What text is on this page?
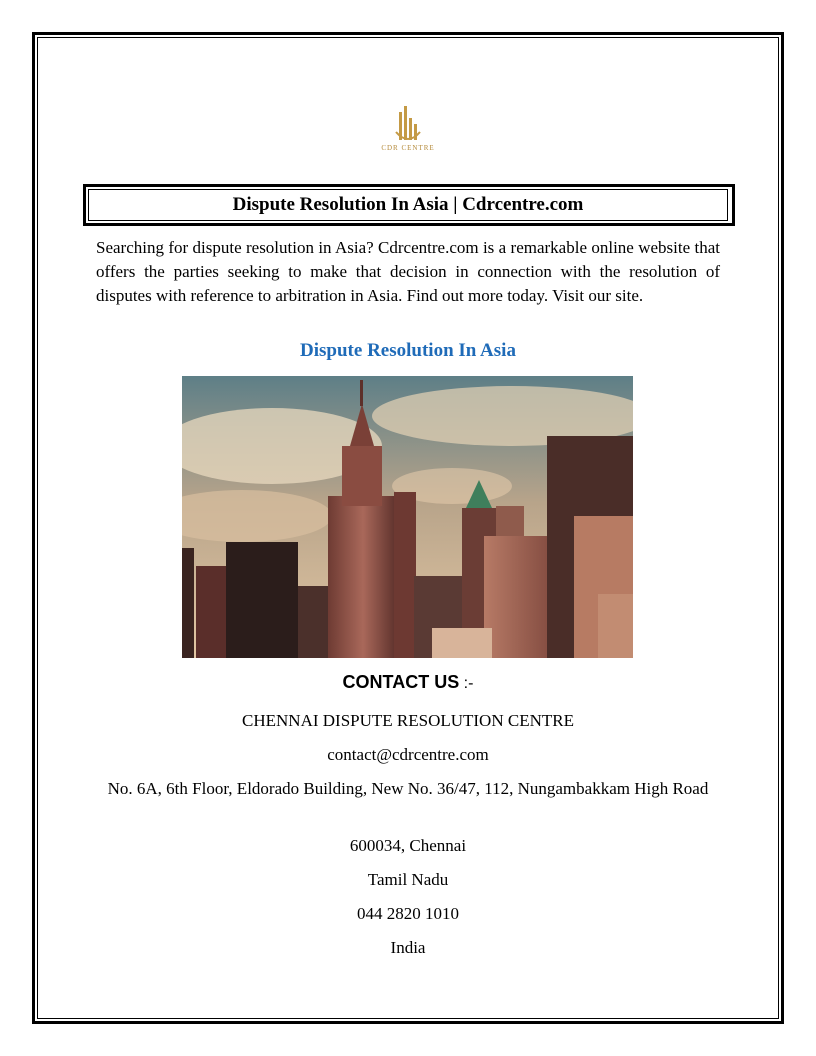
CDR CENTRE
Dispute Resolution In Asia | Cdrcentre.com

Searching for dispute resolution in Asia? Cdrcentre.com is a remarkable online website that offers the parties seeking to make that decision in connection with the resolution of disputes with reference to arbitration in Asia. Find out more today. Visit our site.

Dispute Resolution In Asia

CONTACT US :-

CHENNAI DISPUTE RESOLUTION CENTRE

contact@cdrcentre.com

No. 6A, 6th Floor, Eldorado Building, New No. 36/47, 112, Nungambakkam High Road

600034, Chennai

Tamil Nadu

044 2820 1010

India
